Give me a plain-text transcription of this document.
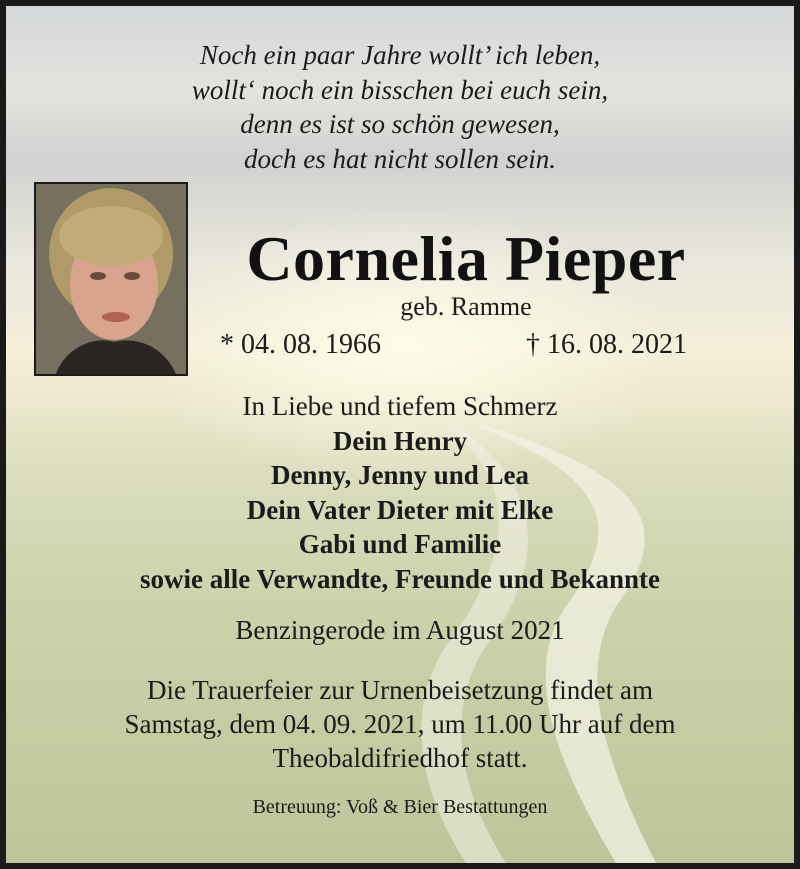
Noch ein paar Jahre wollt’ ich leben,
wollt‘ noch ein bisschen bei euch sein,
denn es ist so schön gewesen,
doch es hat nicht sollen sein.
Cornelia Pieper
geb. Ramme
* 04. 08. 1966	† 16. 08. 2021
In Liebe und tiefem Schmerz
Dein Henry
Denny, Jenny und Lea
Dein Vater Dieter mit Elke
Gabi und Familie
sowie alle Verwandte, Freunde und Bekannte
Benzingerode im August 2021
Die Trauerfeier zur Urnenbeisetzung findet am
Samstag, dem 04. 09. 2021, um 11.00 Uhr auf dem
Theobaldifriedhof statt.
Betreuung: Voß & Bier Bestattungen
